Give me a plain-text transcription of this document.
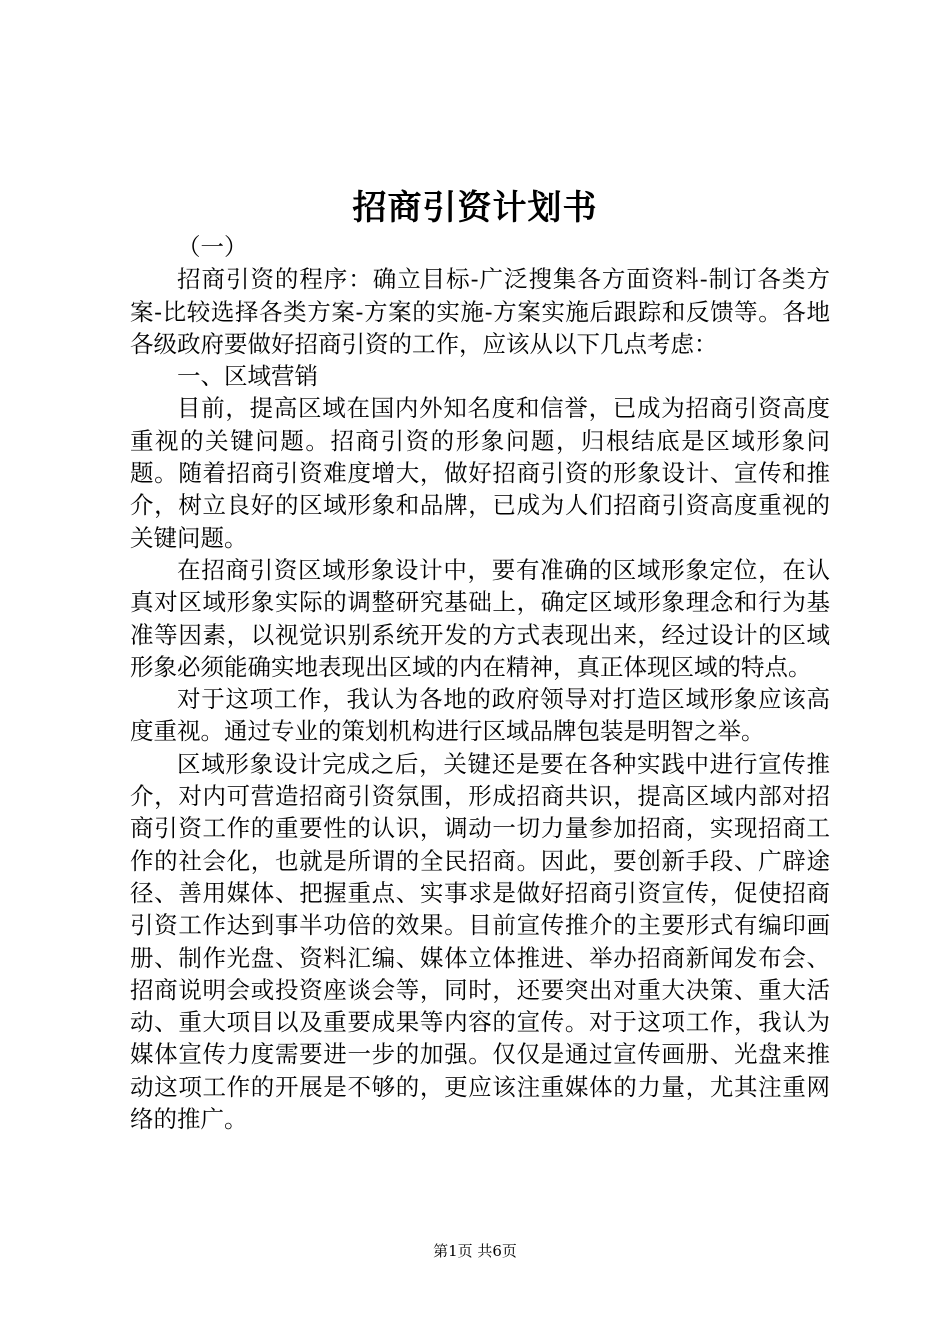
招商引资计划书

（一）

招商引资的程序：确立目标-广泛搜集各方面资料-制订各类方案-比较选择各类方案-方案的实施-方案实施后跟踪和反馈等。各地各级政府要做好招商引资的工作，应该从以下几点考虑：

一、区域营销

目前，提高区域在国内外知名度和信誉，已成为招商引资高度重视的关键问题。招商引资的形象问题，归根结底是区域形象问题。随着招商引资难度增大，做好招商引资的形象设计、宣传和推介，树立良好的区域形象和品牌，已成为人们招商引资高度重视的关键问题。

在招商引资区域形象设计中，要有准确的区域形象定位，在认真对区域形象实际的调整研究基础上，确定区域形象理念和行为基准等因素，以视觉识别系统开发的方式表现出来，经过设计的区域形象必须能确实地表现出区域的内在精神，真正体现区域的特点。

对于这项工作，我认为各地的政府领导对打造区域形象应该高度重视。通过专业的策划机构进行区域品牌包装是明智之举。

区域形象设计完成之后，关键还是要在各种实践中进行宣传推介，对内可营造招商引资氛围，形成招商共识，提高区域内部对招商引资工作的重要性的认识，调动一切力量参加招商，实现招商工作的社会化，也就是所谓的全民招商。因此，要创新手段、广辟途径、善用媒体、把握重点、实事求是做好招商引资宣传，促使招商引资工作达到事半功倍的效果。目前宣传推介的主要形式有编印画册、制作光盘、资料汇编、媒体立体推进、举办招商新闻发布会、招商说明会或投资座谈会等，同时，还要突出对重大决策、重大活动、重大项目以及重要成果等内容的宣传。对于这项工作，我认为媒体宣传力度需要进一步的加强。仅仅是通过宣传画册、光盘来推动这项工作的开展是不够的，更应该注重媒体的力量，尤其注重网络的推广。

第1页 共6页
